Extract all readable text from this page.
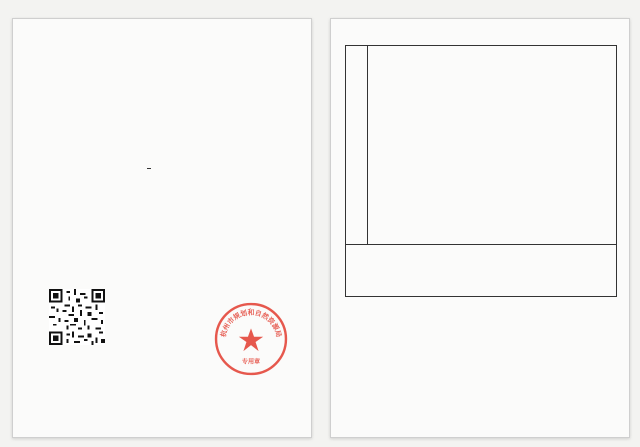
杭州市规划和自然资源局
专用章
